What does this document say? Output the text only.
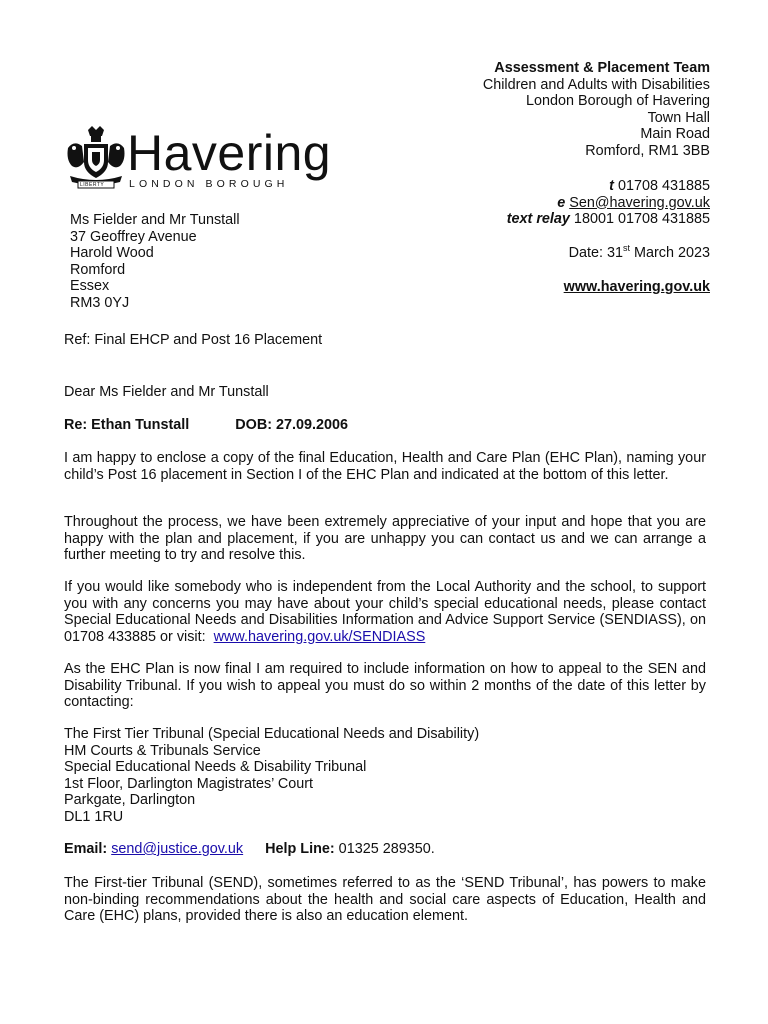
Assessment & Placement Team
Children and Adults with Disabilities
London Borough of Havering
Town Hall
Main Road
Romford, RM1 3BB
t 01708 431885
e Sen@havering.gov.uk
text relay 18001 01708 431885
Date: 31st March 2023
www.havering.gov.uk
LIBERTY
Havering
LONDON BOROUGH
Ms Fielder and Mr Tunstall
37 Geoffrey Avenue
Harold Wood
Romford
Essex
RM3 0YJ
Ref: Final EHCP and Post 16 Placement
Dear Ms Fielder and Mr Tunstall
Re: Ethan Tunstall	DOB: 27.09.2006
I am happy to enclose a copy of the final Education, Health and Care Plan (EHC Plan), naming your child’s Post 16 placement in Section I of the EHC Plan and indicated at the bottom of this letter.
Throughout the process, we have been extremely appreciative of your input and hope that you are happy with the plan and placement, if you are unhappy you can contact us and we can arrange a further meeting to try and resolve this.
If you would like somebody who is independent from the Local Authority and the school, to support you with any concerns you may have about your child’s special educational needs, please contact Special Educational Needs and Disabilities Information and Advice Support Service (SENDIASS), on 01708 433885 or visit: www.havering.gov.uk/SENDIASS
As the EHC Plan is now final I am required to include information on how to appeal to the SEN and Disability Tribunal. If you wish to appeal you must do so within 2 months of the date of this letter by contacting:
The First Tier Tribunal (Special Educational Needs and Disability)
HM Courts & Tribunals Service
Special Educational Needs & Disability Tribunal
1st Floor, Darlington Magistrates’ Court
Parkgate, Darlington
DL1 1RU
Email: send@justice.gov.uk Help Line: 01325 289350.
The First-tier Tribunal (SEND), sometimes referred to as the ‘SEND Tribunal’, has powers to make non-binding recommendations about the health and social care aspects of Education, Health and Care (EHC) plans, provided there is also an education element.
